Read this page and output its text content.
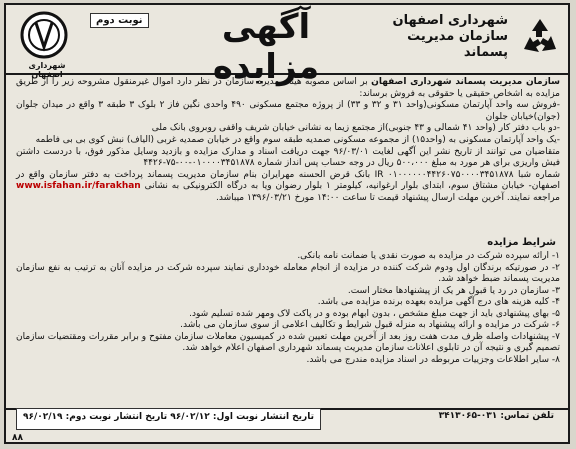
شهرداری اصفهان
نوبت دوم	آگهی مزایده
شهرداری اصفهان
سازمان مدیریت پسماند
سازمان مدیریت پسماند شهرداری اصفهان بر اساس مصوبه هیئت مدیره سازمان در نظر دارد اموال غیرمنقول مشروحه زیر را از طریق مزایده به اشخاص حقیقی یا حقوقی به فروش برساند:
-فروش سه واحد آپارتمان مسکونی(واحد ۳۱ و ۳۲ و ۳۳) از پروژه مجتمع مسکونی ۴۹۰ واحدی نگین فاز ۲ بلوک ۳ طبقه ۳ واقع در میدان جلوان (جوان)خیابان جلوان
-دو باب دفتر کار (واحد ۴۱ شمالی و ۴۳ جنوبی)از مجتمع زیما به نشانی خیابان شریف واقفی روبروی بانک ملی
-یک واحد آپارتمان مسکونی به (واحد۱۵) از مجموعه مسکونی صمدیه طبقه سوم واقع در خیابان صمدیه غربی (الیاف) نبش کوی بی بی فاطمه
متقاضیان می توانند از تاریخ نشر این آگهی لغایت ۹۶/۰۳/۰۱ جهت دریافت اسناد و مدارک مزایده و بازدید وسایل مذکور فوق، با دردست داشتن فیش واریزی برای هر مورد به مبلغ ۵۰۰،۰۰۰ ریال در وجه حساب پس انداز شماره ۰۱۰۰۰۰۳۴۵۱۸۷۸-۰۰-۷۵-۴۴۲۶
شماره شبا IR ۰۱۰۰۰۰۰۰۴۴۲۶۰۷۵۰۰۰۰۳۴۵۱۸۷۸ بانک قرض الحسنه مهرایران بنام سازمان مدیریت پسماند پرداخت به دفتر سازمان واقع در اصفهان- خیابان مشتاق سوم، ابتدای بلوار ارغوانیه، کیلومتر ۱ بلوار رضوان ویا به درگاه الکترونیکی به نشانی www.isfahan.ir/farakhan مراجعه نمایند. آخرین مهلت ارسال پیشنهاد قیمت تا ساعت ۱۴:۰۰ مورخ ۱۳۹۶/۰۳/۲۱ میباشد.
شرایط مزایده
۱- ارائه سپرده شرکت در مزایده به صورت نقدی یا ضمانت نامه بانکی.
۲- در صورتیکه برندگان اول ودوم شرکت کننده در مزایده از انجام معامله خودداری نمایند سپرده شرکت در مزایده آنان به ترتیب به نفع سازمان مدیریت پسماند ضبط خواهد شد.
۳- سازمان در رد یا قبول هر یک از پیشنهادها مختار است.
۴- کلیه هزینه های درج آگهی مزایده بعهده برنده مزایده می باشد.
۵- بهای پیشنهادی باید از جهت مبلغ مشخص ، بدون ابهام بوده و در پاکت لاک ومهر شده تسلیم شود.
۶- شرکت در مزایده و ارائه پیشنهاد به منزله قبول شرایط و تکالیف اعلامی از سوی سازمان می باشد.
۷- پیشنهادات واصله ظرف مدت هفت روز بعد از آخرین مهلت تعیین شده در کمیسیون معاملات سازمان مفتوح و برابر مقررات ومقتضیات سازمان تصمیم گیری و نتیجه آن در تابلوی اعلانات سازمان مدیریت پسماند شهرداری اصفهان اعلام خواهد شد.
۸- سایر اطلاعات وجزییات مربوطه در اسناد مزایده مندرج می باشد.
تاریخ انتشار نوبت اول: ۹۶/۰۲/۱۲ تاریخ انتشار نوبت دوم: ۹۶/۰۲/۱۹	تلفن تماس: ۰۳۱-۳۴۱۳۰۶۵
۸۸
